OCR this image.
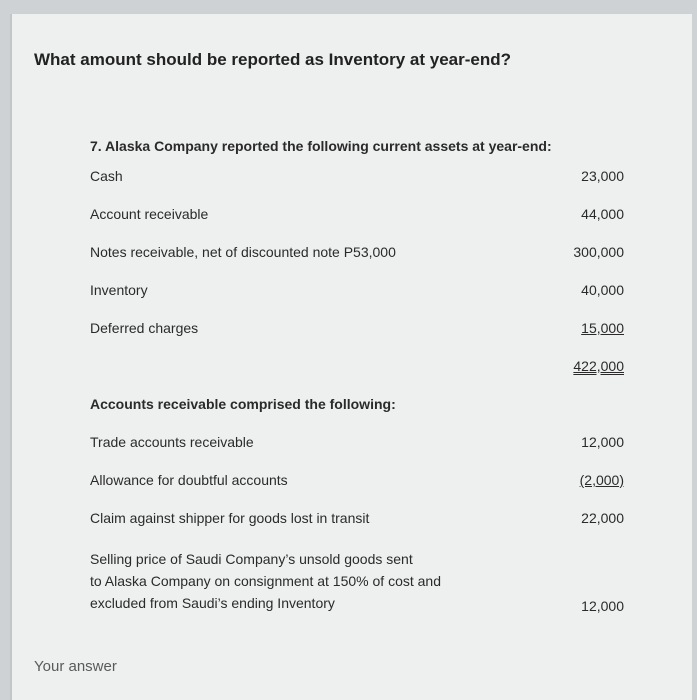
What amount should be reported as Inventory at year-end?
7. Alaska Company reported the following current assets at year-end:
Cash	23,000
Account receivable	44,000
Notes receivable, net of discounted note P53,000	300,000
Inventory	40,000
Deferred charges	15,000
422,000
Accounts receivable comprised the following:
Trade accounts receivable	12,000
Allowance for doubtful accounts	(2,000)
Claim against shipper for goods lost in transit	22,000
Selling price of Saudi Company’s unsold goods sent
to Alaska Company on consignment at 150% of cost and
excluded from Saudi’s ending Inventory	12,000
Your answer
